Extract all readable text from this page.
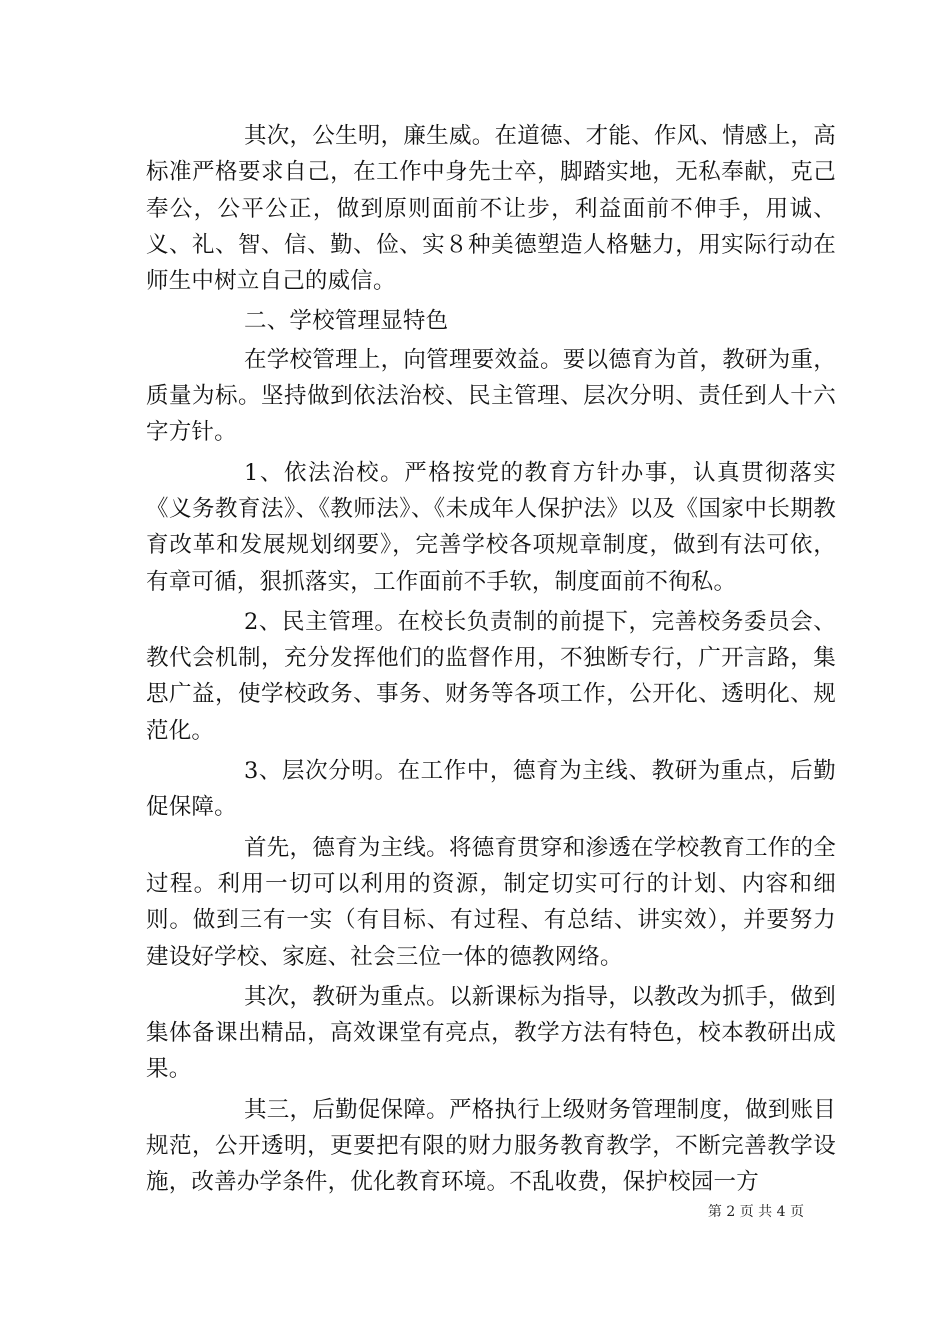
其次，公生明，廉生威。在道德、才能、作风、情感上，高标准严格要求自己，在工作中身先士卒，脚踏实地，无私奉献，克己奉公，公平公正，做到原则面前不让步，利益面前不伸手，用诚、义、礼、智、信、勤、俭、实８种美德塑造人格魅力，用实际行动在师生中树立自己的威信。

二、学校管理显特色

在学校管理上，向管理要效益。要以德育为首，教研为重，质量为标。坚持做到依法治校、民主管理、层次分明、责任到人十六字方针。

1、依法治校。严格按党的教育方针办事，认真贯彻落实《义务教育法》、《教师法》、《未成年人保护法》以及《国家中长期教育改革和发展规划纲要》，完善学校各项规章制度，做到有法可依，有章可循，狠抓落实，工作面前不手软，制度面前不徇私。

2、民主管理。在校长负责制的前提下，完善校务委员会、教代会机制，充分发挥他们的监督作用，不独断专行，广开言路，集思广益，使学校政务、事务、财务等各项工作，公开化、透明化、规范化。

3、层次分明。在工作中，德育为主线、教研为重点，后勤促保障。

首先，德育为主线。将德育贯穿和渗透在学校教育工作的全过程。利用一切可以利用的资源，制定切实可行的计划、内容和细则。做到三有一实（有目标、有过程、有总结、讲实效），并要努力建设好学校、家庭、社会三位一体的德教网络。

其次，教研为重点。以新课标为指导，以教改为抓手，做到集体备课出精品，高效课堂有亮点，教学方法有特色，校本教研出成果。

其三，后勤促保障。严格执行上级财务管理制度，做到账目规范，公开透明，更要把有限的财力服务教育教学，不断完善教学设施，改善办学条件，优化教育环境。不乱收费，保护校园一方

第 2 页 共 4 页
